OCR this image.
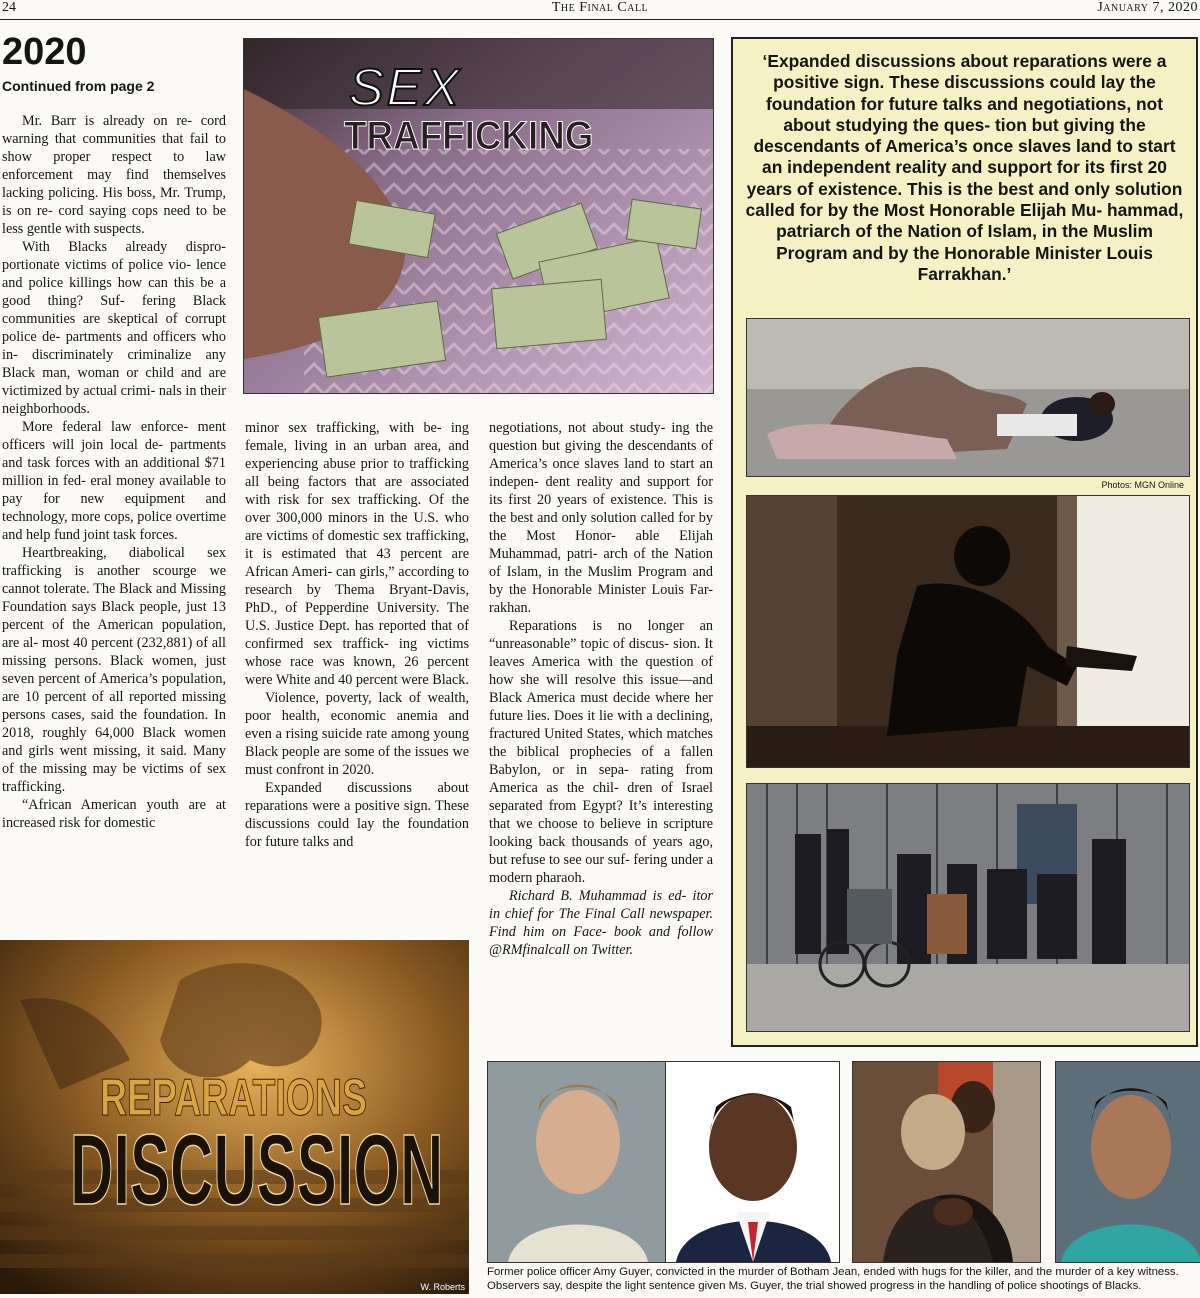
24	The Final Call	January 7, 2020
2020
Continued from page 2

Mr. Barr is already on re- cord warning that communities that fail to show proper respect to law enforcement may find themselves lacking policing. His boss, Mr. Trump, is on re- cord saying cops need to be less gentle with suspects.

With Blacks already dispro- portionate victims of police vio- lence and police killings how can this be a good thing? Suf- fering Black communities are skeptical of corrupt police de- partments and officers who in- discriminately criminalize any Black man, woman or child and are victimized by actual crimi- nals in their neighborhoods.

More federal law enforce- ment officers will join local de- partments and task forces with an additional $71 million in fed- eral money available to pay for new equipment and technology, more cops, police overtime and help fund joint task forces.

Heartbreaking, diabolical sex trafficking is another scourge we cannot tolerate. The Black and Missing Foundation says Black people, just 13 percent of the American population, are al- most 40 percent (232,881) of all missing persons. Black women, just seven percent of America’s population, are 10 percent of all reported missing persons cases, said the foundation. In 2018, roughly 64,000 Black women and girls went missing, it said. Many of the missing may be victims of sex trafficking.

“African American youth are at increased risk for domestic

SEX
TRAFFICKING

minor sex trafficking, with be- ing female, living in an urban area, and experiencing abuse prior to trafficking all being factors that are associated with risk for sex trafficking. Of the over 300,000 minors in the U.S. who are victims of domestic sex trafficking, it is estimated that 43 percent are African Ameri- can girls,” according to research by Thema Bryant-Davis, PhD., of Pepperdine University. The U.S. Justice Dept. has reported that of confirmed sex traffick- ing victims whose race was known, 26 percent were White and 40 percent were Black.

Violence, poverty, lack of wealth, poor health, economic anemia and even a rising suicide rate among young Black people are some of the issues we must confront in 2020.

Expanded discussions about reparations were a positive sign. These discussions could lay the foundation for future talks and

negotiations, not about study- ing the question but giving the descendants of America’s once slaves land to start an indepen- dent reality and support for its first 20 years of existence. This is the best and only solution called for by the Most Honor- able Elijah Muhammad, patri- arch of the Nation of Islam, in the Muslim Program and by the Honorable Minister Louis Far- rakhan.

Reparations is no longer an “unreasonable” topic of discus- sion. It leaves America with the question of how she will resolve this issue—and Black America must decide where her future lies. Does it lie with a declining, fractured United States, which matches the biblical prophecies of a fallen Babylon, or in sepa- rating from America as the chil- dren of Israel separated from Egypt? It’s interesting that we choose to believe in scripture looking back thousands of years ago, but refuse to see our suf- fering under a modern pharaoh.

Richard B. Muhammad is ed- itor in chief for The Final Call newspaper. Find him on Face- book and follow @RMfinalcall on Twitter.

REPARATIONS
DISCUSSION
W. Roberts
‘Expanded discussions about reparations were a positive sign. These discussions could lay the foundation for future talks and negotiations, not about studying the ques- tion but giving the descendants of America’s once slaves land to start an independent reality and support for its first 20 years of existence. This is the best and only solution called for by the Most Honorable Elijah Mu- hammad, patriarch of the Nation of Islam, in the Muslim Program and by the Honorable Minister Louis Farrakhan.’
Photos: MGN Online
Former police officer Amy Guyer, convicted in the murder of Botham Jean, ended with hugs for the killer, and the murder of a key witness. Observers say, despite the light sentence given Ms. Guyer, the trial showed progress in the handling of police shootings of Blacks.
